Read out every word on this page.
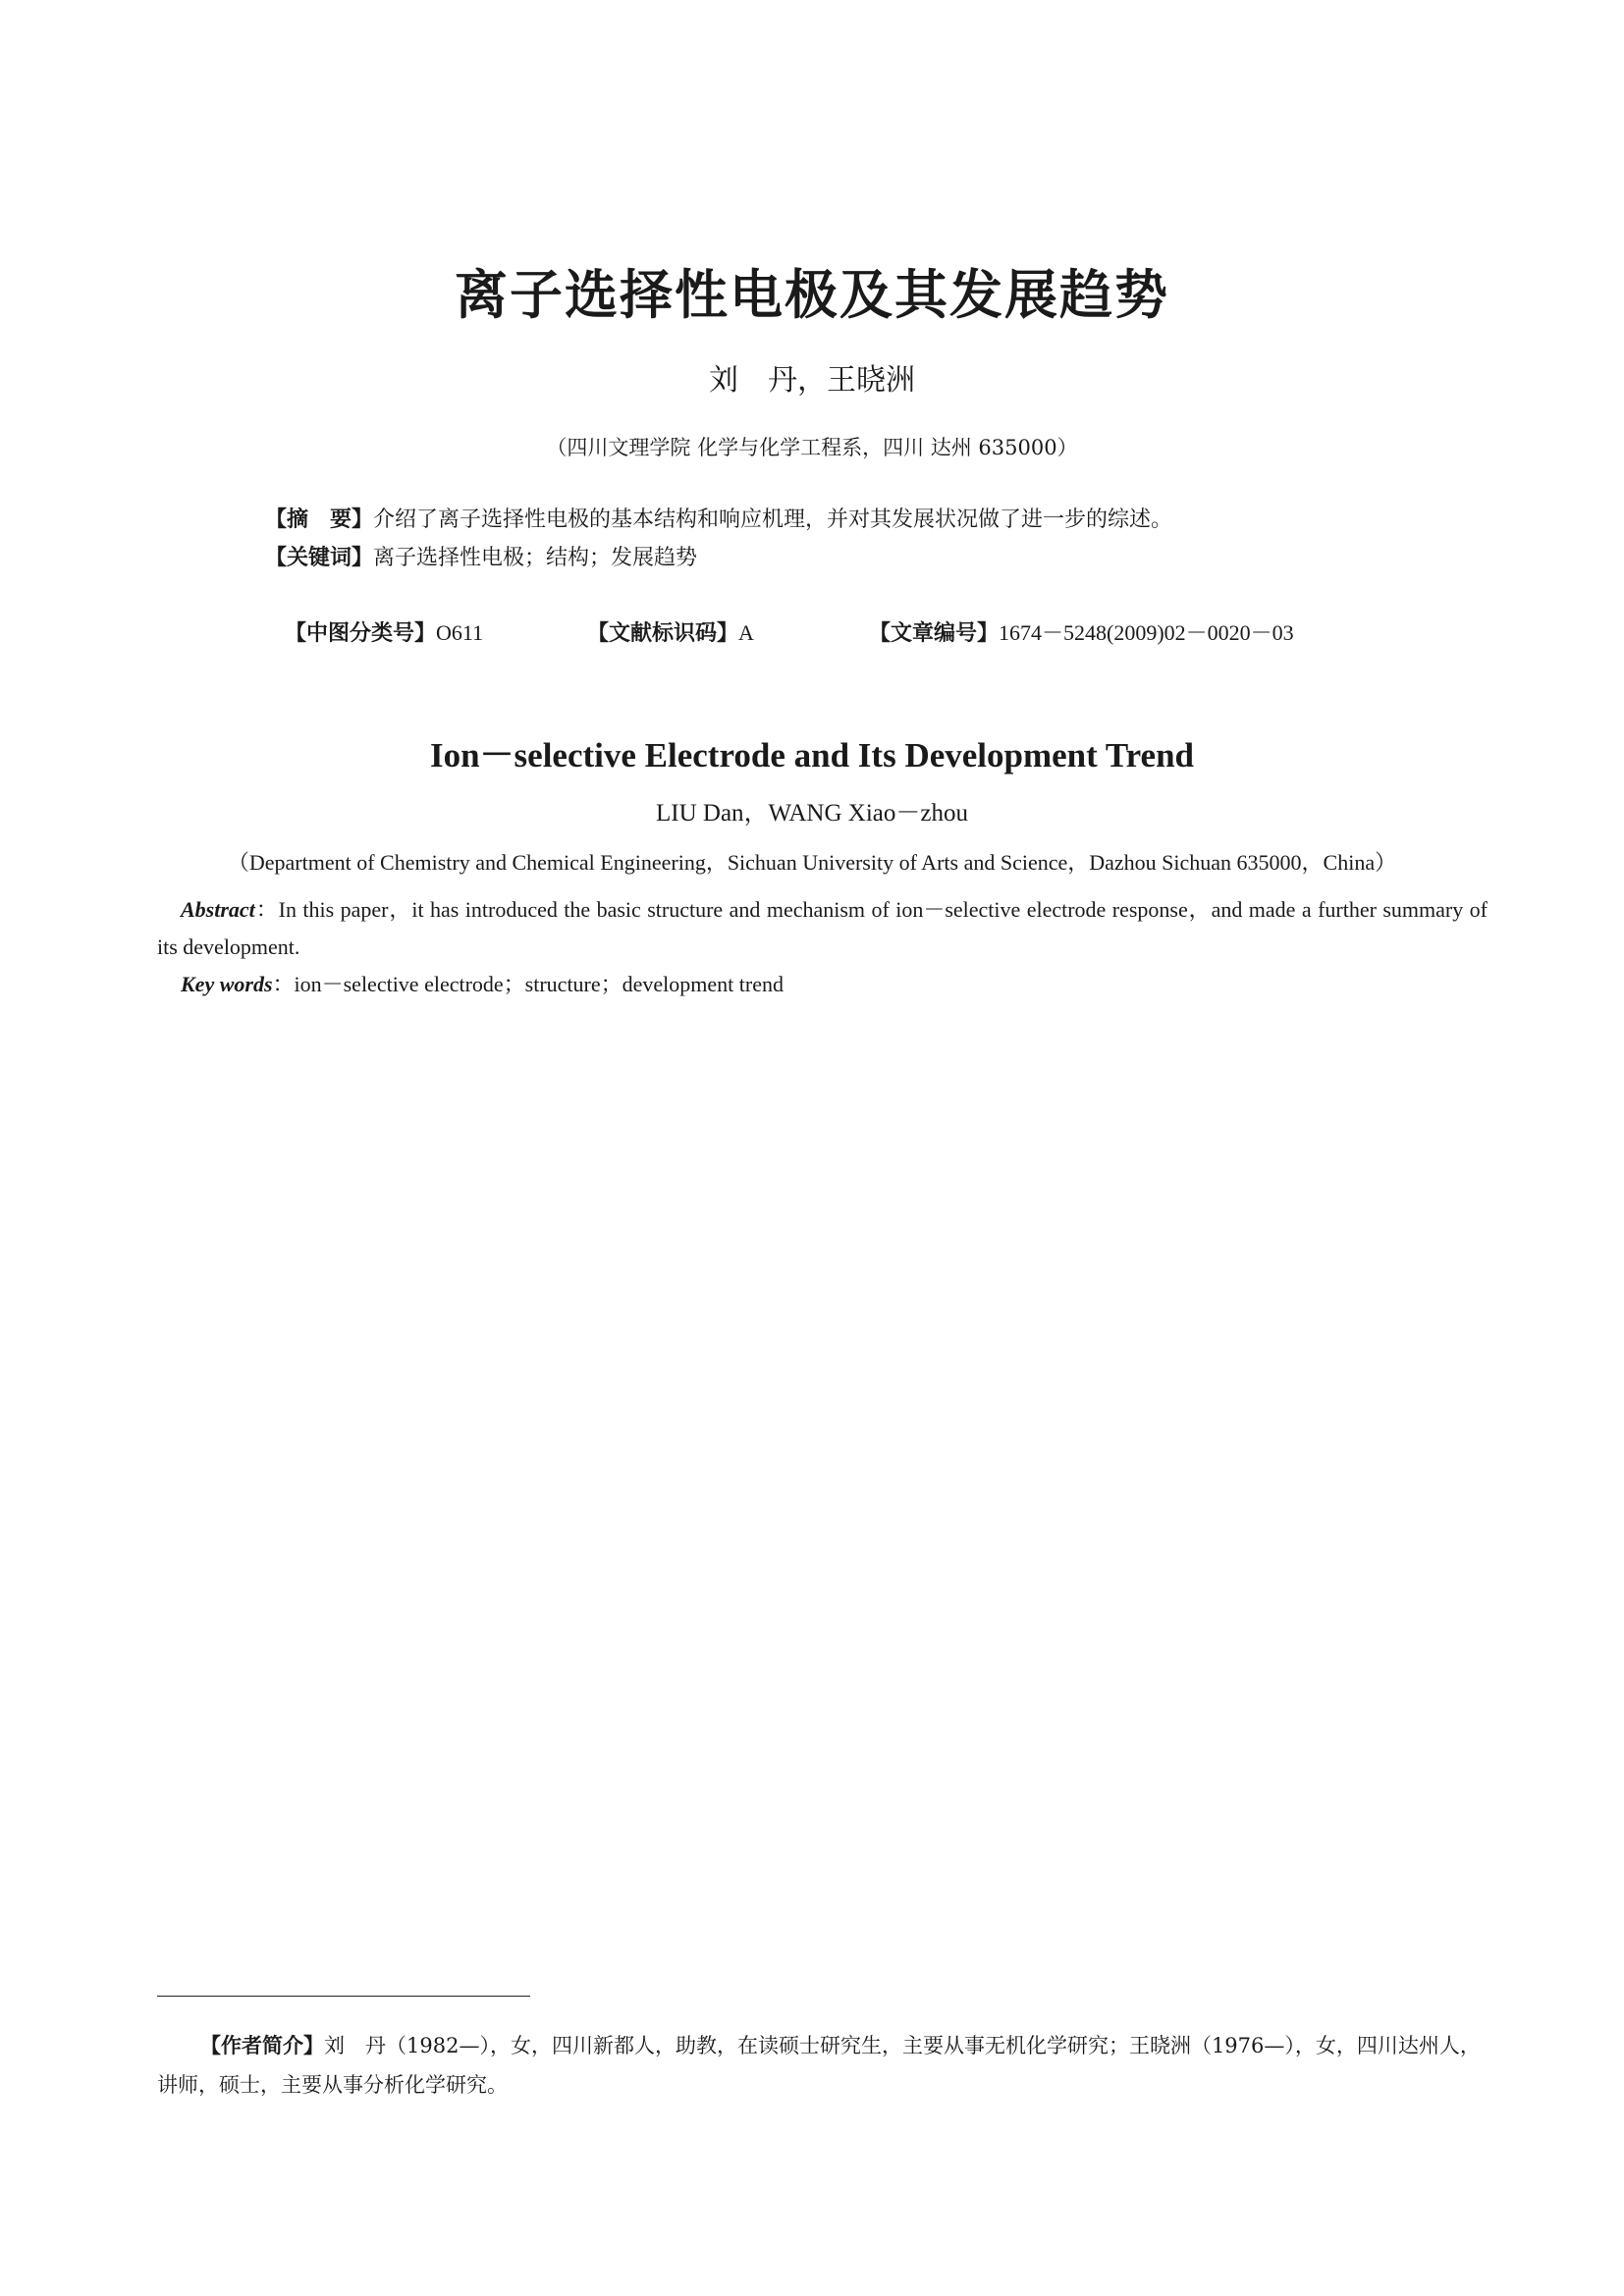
离子选择性电极及其发展趋势
刘　丹，王晓洲
（四川文理学院 化学与化学工程系，四川 达州 635000）
【摘　要】介绍了离子选择性电极的基本结构和响应机理，并对其发展状况做了进一步的综述。
【关键词】离子选择性电极；结构；发展趋势
【中图分类号】O611	【文献标识码】A	【文章编号】1674－5248(2009)02－0020－03
Ion－selective Electrode and Its Development Trend
LIU Dan，WANG Xiao－zhou
（Department of Chemistry and Chemical Engineering，Sichuan University of Arts and Science，Dazhou Sichuan 635000，China）
Abstract：In this paper，it has introduced the basic structure and mechanism of ion－selective electrode response，and made a further summary of its development.
Key words：ion－selective electrode；structure；development trend
【作者简介】刘　丹（1982—），女，四川新都人，助教，在读硕士研究生，主要从事无机化学研究；王晓洲（1976—），女，四川达州人，讲师，硕士，主要从事分析化学研究。
